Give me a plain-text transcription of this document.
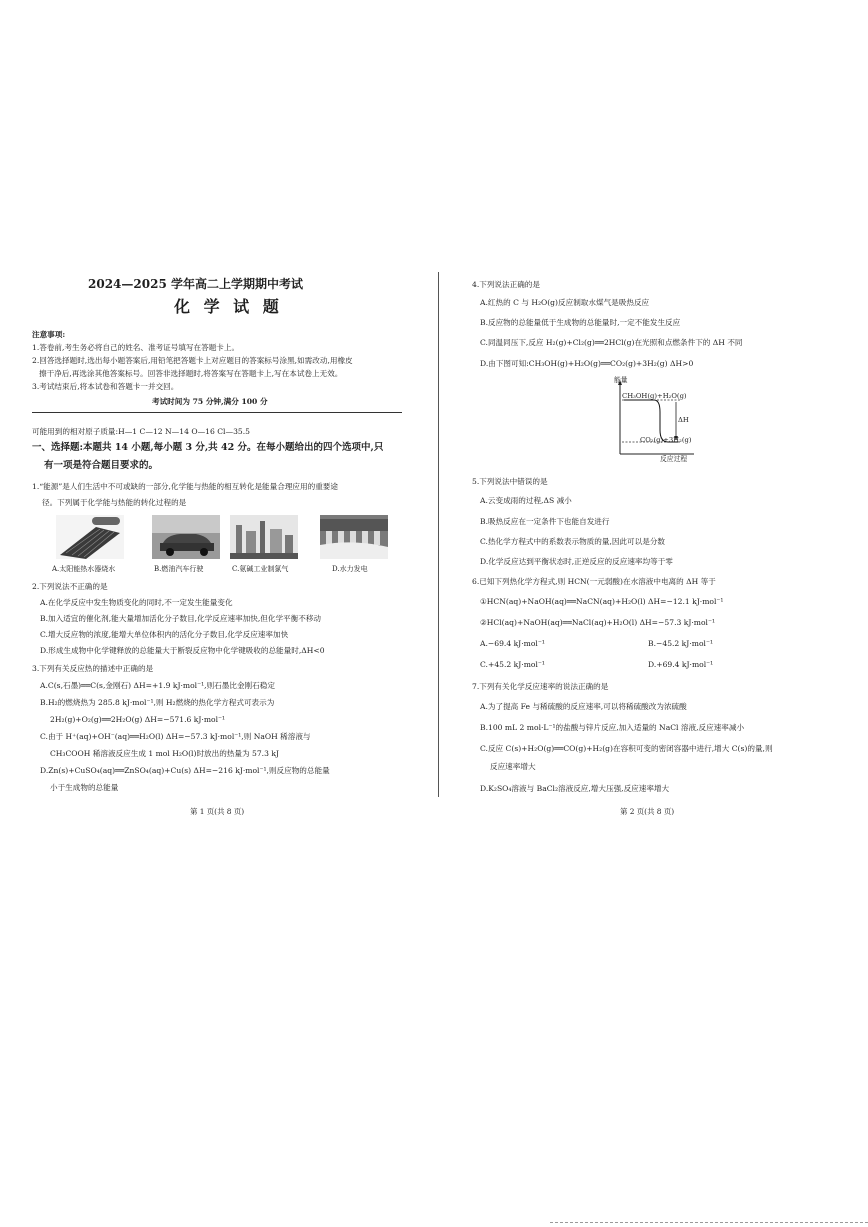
2024—2025 学年高二上学期期中考试
化 学 试 题
注意事项:
1.答卷前,考生务必将自己的姓名、准考证号填写在答题卡上。
2.回答选择题时,选出每小题答案后,用铅笔把答题卡上对应题目的答案标号涂黑,如需改动,用橡皮
擦干净后,再选涂其他答案标号。回答非选择题时,将答案写在答题卡上,写在本试卷上无效。
3.考试结束后,将本试卷和答题卡一并交回。
考试时间为 75 分钟,满分 100 分
可能用到的相对原子质量:H—1 C—12 N—14 O—16 Cl—35.5
一、选择题:本题共 14 小题,每小题 3 分,共 42 分。在每小题给出的四个选项中,只
有一项是符合题目要求的。
1.“能源”是人们生活中不可或缺的一部分,化学能与热能的相互转化是能量合理应用的重要途
径。下列属于化学能与热能的转化过程的是
A.太阳能热水器烧水	B.燃油汽车行驶	C.氨碱工业制氯气	D.水力发电
2.下列说法不正确的是
A.在化学反应中发生物质变化的同时,不一定发生能量变化
B.加入适宜的催化剂,能大量增加活化分子数目,化学反应速率加快,但化学平衡不移动
C.增大反应物的浓度,能增大单位体积内的活化分子数目,化学反应速率加快
D.形成生成物中化学键释放的总能量大于断裂反应物中化学键吸收的总能量时,ΔH<0
3.下列有关反应热的描述中正确的是
A.C(s,石墨)══C(s,金刚石) ΔH=+1.9 kJ·mol⁻¹,则石墨比金刚石稳定
B.H₂的燃烧热为 285.8 kJ·mol⁻¹,则 H₂燃烧的热化学方程式可表示为
2H₂(g)+O₂(g)══2H₂O(g) ΔH=−571.6 kJ·mol⁻¹
C.由于 H⁺(aq)+OH⁻(aq)══H₂O(l) ΔH=−57.3 kJ·mol⁻¹,则 NaOH 稀溶液与
CH₃COOH 稀溶液反应生成 1 mol H₂O(l)时放出的热量为 57.3 kJ
D.Zn(s)+CuSO₄(aq)══ZnSO₄(aq)+Cu(s) ΔH=−216 kJ·mol⁻¹,则反应物的总能量
小于生成物的总能量
第 1 页(共 8 页)
4.下列说法正确的是
A.红热的 C 与 H₂O(g)反应制取水煤气是吸热反应
B.反应物的总能量低于生成物的总能量时,一定不能发生反应
C.同温同压下,反应 H₂(g)+Cl₂(g)══2HCl(g)在光照和点燃条件下的 ΔH 不同
D.由下图可知:CH₃OH(g)+H₂O(g)══CO₂(g)+3H₂(g) ΔH>0
能量
CH₃OH(g)+H₂O(g)
ΔH
CO₂(g)+3H₂(g)
反应过程
5.下列说法中错误的是
A.云变成雨的过程,ΔS 减小
B.吸热反应在一定条件下也能自发进行
C.热化学方程式中的系数表示物质的量,因此可以是分数
D.化学反应达到平衡状态时,正逆反应的反应速率均等于零
6.已知下列热化学方程式,则 HCN(一元弱酸)在水溶液中电离的 ΔH 等于
①HCN(aq)+NaOH(aq)══NaCN(aq)+H₂O(l) ΔH=−12.1 kJ·mol⁻¹
②HCl(aq)+NaOH(aq)══NaCl(aq)+H₂O(l) ΔH=−57.3 kJ·mol⁻¹
A.−69.4 kJ·mol⁻¹	B.−45.2 kJ·mol⁻¹
C.+45.2 kJ·mol⁻¹	D.+69.4 kJ·mol⁻¹
7.下列有关化学反应速率的说法正确的是
A.为了提高 Fe 与稀硫酸的反应速率,可以将稀硫酸改为浓硫酸
B.100 mL 2 mol·L⁻¹的盐酸与锌片反应,加入适量的 NaCl 溶液,反应速率减小
C.反应 C(s)+H₂O(g)══CO(g)+H₂(g)在容积可变的密闭容器中进行,增大 C(s)的量,则
反应速率增大
D.K₂SO₄溶液与 BaCl₂溶液反应,增大压强,反应速率增大
第 2 页(共 8 页)
